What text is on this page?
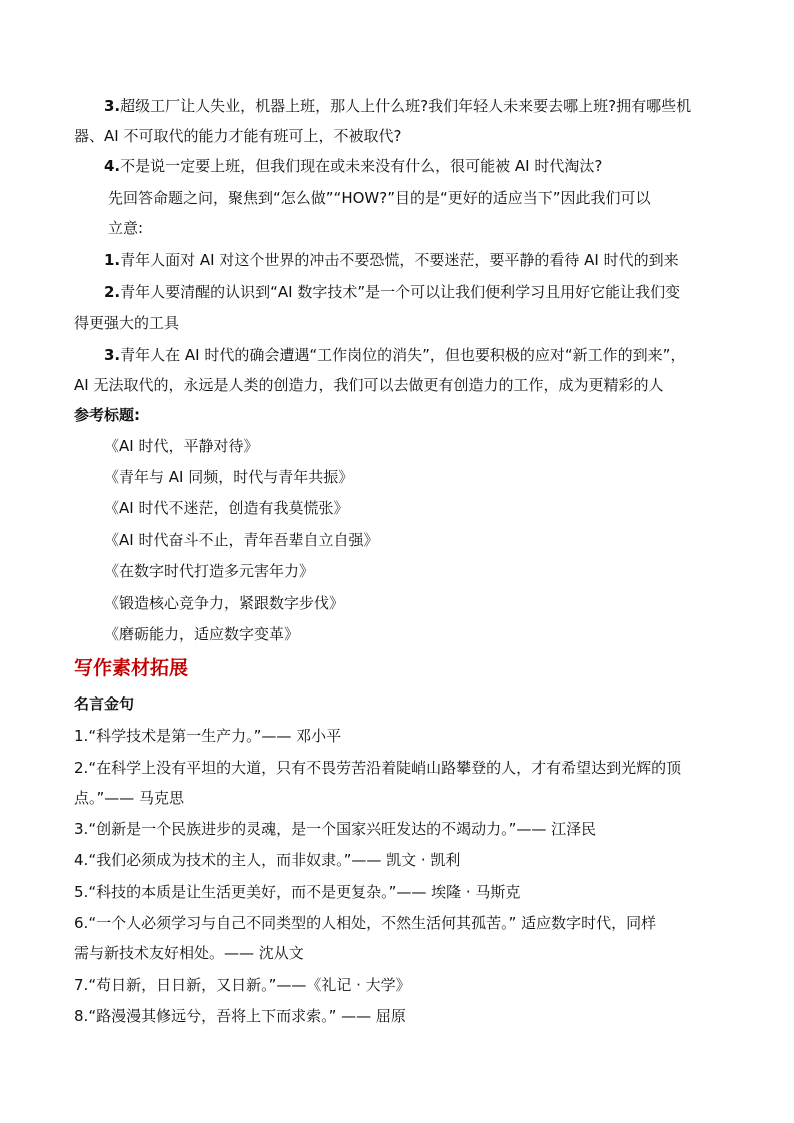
3.超级工厂让人失业，机器上班，那人上什么班?我们年轻人未来要去哪上班?拥有哪些机
器、AI 不可取代的能力才能有班可上，不被取代?
4.不是说一定要上班，但我们现在或未来没有什么，很可能被 AI 时代淘汰?
先回答命题之问，聚焦到“怎么做”“HOW?”目的是“更好的适应当下”因此我们可以
立意:
1.青年人面对 AI 对这个世界的冲击不要恐慌，不要迷茫，要平静的看待 AI 时代的到来
2.青年人要清醒的认识到“AI 数字技术”是一个可以让我们便利学习且用好它能让我们变
得更强大的工具
3.青年人在 AI 时代的确会遭遇“工作岗位的消失”，但也要积极的应对“新工作的到来”，
AI 无法取代的，永远是人类的创造力，我们可以去做更有创造力的工作，成为更精彩的人
参考标题:
《AI 时代，平静对待》
《青年与 AI 同频，时代与青年共振》
《AI 时代不迷茫，创造有我莫慌张》
《AI 时代奋斗不止，青年吾辈自立自强》
《在数字时代打造多元害年力》
《锻造核心竞争力，紧跟数字步伐》
《磨砺能力，适应数字变革》
写作素材拓展
名言金句
1.“科学技术是第一生产力。”—— 邓小平
2.“在科学上没有平坦的大道，只有不畏劳苦沿着陡峭山路攀登的人，才有希望达到光辉的顶
点。”—— 马克思
3.“创新是一个民族进步的灵魂，是一个国家兴旺发达的不竭动力。”—— 江泽民
4.“我们必须成为技术的主人，而非奴隶。”—— 凯文 · 凯利
5.“科技的本质是让生活更美好，而不是更复杂。”—— 埃隆 · 马斯克
6.“一个人必须学习与自己不同类型的人相处，不然生活何其孤苦。” 适应数字时代，同样
需与新技术友好相处。—— 沈从文
7.“苟日新，日日新，又日新。”——《礼记 · 大学》
8.“路漫漫其修远兮，吾将上下而求索。” —— 屈原
